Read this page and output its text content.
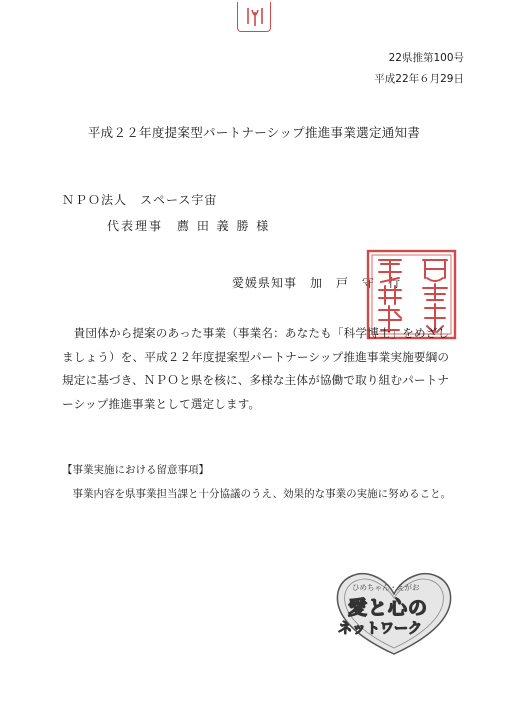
22県推第100号
平成22年６月29日
平成２２年度提案型パートナーシップ推進事業選定通知書
ＮＰＯ法人　スペース宇宙
代表理事　薦 田 義 勝 様
愛媛県知事　加　戸　守　行
貴団体から提案のあった事業（事業名：あなたも「科学博士」をめざしましょう）を、平成２２年度提案型パートナーシップ推進事業実施要綱の規定に基づき、ＮＰＯと県を核に、多様な主体が協働で取り組むパートナーシップ推進事業として選定します。
【事業実施における留意事項】
事業内容を県事業担当課と十分協議のうえ、効果的な事業の実施に努めること。
ひめちゃん・えがお
愛と心の
ネットワーク
